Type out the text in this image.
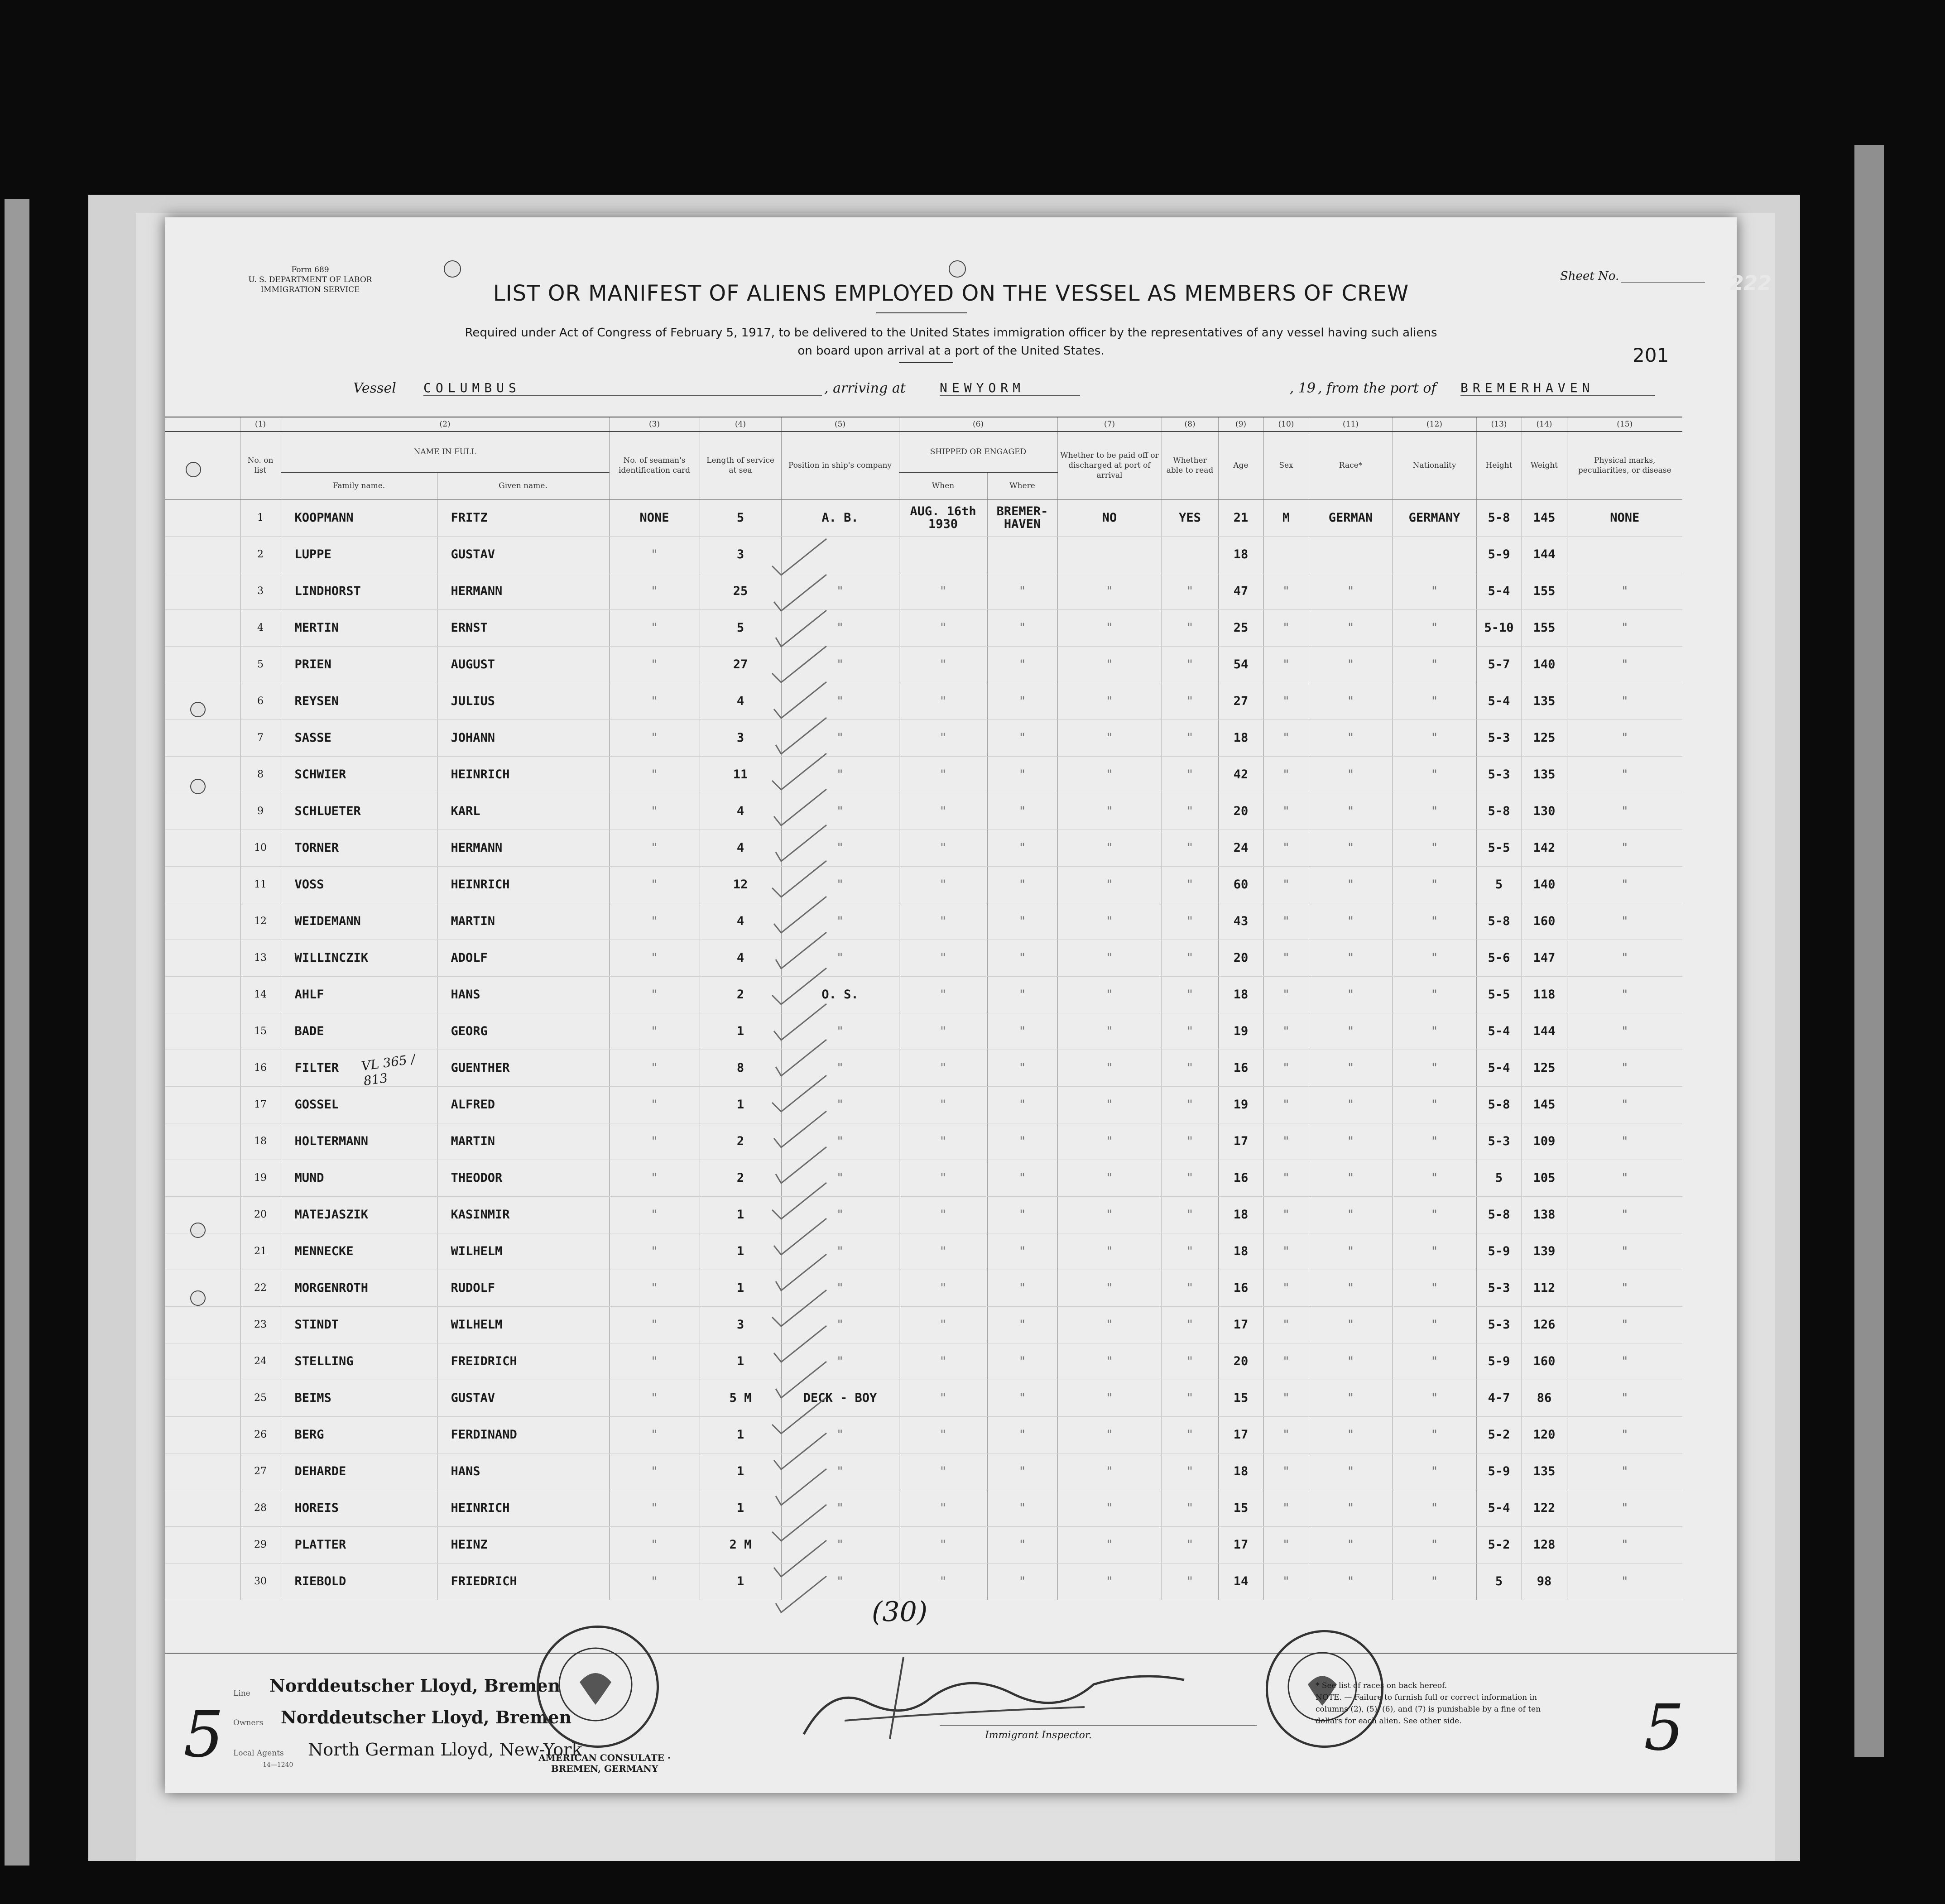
Form 689
U. S. DEPARTMENT OF LABOR
IMMIGRATION SERVICE
Sheet No.
LIST OR MANIFEST OF ALIENS EMPLOYED ON THE VESSEL AS MEMBERS OF CREW
Required under Act of Congress of February 5, 1917, to be delivered to the United States immigration officer by the representatives of any vessel having such aliens
on board upon arrival at a port of the United States.	201
Vessel COLUMBUS	, arriving at	NEWYORM	, 19 , from the port of BREMERHAVEN
	(1)	(2)		(3)	(4)	(5)	(6)		(7)	(8)	(9)	(10)	(11)	(12)	(13)	(14)	(15)
	No. on list	NAME IN FULL		No. of seaman's identification card	Length of service at sea	Position in ship's company	SHIPPED OR ENGAGED		Whether to be paid off or discharged at port of arrival	Whether able to read	Age	Sex	Race*	Nationality	Height	Weight	Physical marks, peculiarities, or disease
		Family name.	Given name.				When	Where									
	1	KOOPMANN	FRITZ	NONE	5	A. B.	AUG. 16th 1930	BREMER- HAVEN	NO	YES	21	M	GERMAN	GERMANY	5-8	145	NONE
	2	LUPPE	GUSTAV	"	3						18				5-9	144	
	3	LINDHORST	HERMANN	"	25	"	"	"	"	"	47	"	"	"	5-4	155	"
	4	MERTIN	ERNST	"	5	"	"	"	"	"	25	"	"	"	5-10	155	"
	5	PRIEN	AUGUST	"	27	"	"	"	"	"	54	"	"	"	5-7	140	"
	6	REYSEN	JULIUS	"	4	"	"	"	"	"	27	"	"	"	5-4	135	"
	7	SASSE	JOHANN	"	3	"	"	"	"	"	18	"	"	"	5-3	125	"
	8	SCHWIER	HEINRICH	"	11	"	"	"	"	"	42	"	"	"	5-3	135	"
	9	SCHLUETER	KARL	"	4	"	"	"	"	"	20	"	"	"	5-8	130	"
	10	TORNER	HERMANN	"	4	"	"	"	"	"	24	"	"	"	5-5	142	"
	11	VOSS	HEINRICH	"	12	"	"	"	"	"	60	"	"	"	5	140	"
	12	WEIDEMANN	MARTIN	"	4	"	"	"	"	"	43	"	"	"	5-8	160	"
	13	WILLINCZIK	ADOLF	"	4	"	"	"	"	"	20	"	"	"	5-6	147	"
	14	AHLF	HANS	"	2	O. S.	"	"	"	"	18	"	"	"	5-5	118	"
	15	BADE	GEORG	"	1	"	"	"	"	"	19	"	"	"	5-4	144	"
	16	FILTER	GUENTHER	"	8	"	"	"	"	"	16	"	"	"	5-4	125	"
	17	GOSSEL	ALFRED	"	1	"	"	"	"	"	19	"	"	"	5-8	145	"
	18	HOLTERMANN	MARTIN	"	2	"	"	"	"	"	17	"	"	"	5-3	109	"
	19	MUND	THEODOR	"	2	"	"	"	"	"	16	"	"	"	5	105	"
	20	MATEJASZIK	KASINMIR	"	1	"	"	"	"	"	18	"	"	"	5-8	138	"
	21	MENNECKE	WILHELM	"	1	"	"	"	"	"	18	"	"	"	5-9	139	"
	22	MORGENROTH	RUDOLF	"	1	"	"	"	"	"	16	"	"	"	5-3	112	"
	23	STINDT	WILHELM	"	3	"	"	"	"	"	17	"	"	"	5-3	126	"
	24	STELLING	FREIDRICH	"	1	"	"	"	"	"	20	"	"	"	5-9	160	"
	25	BEIMS	GUSTAV	"	5 M	DECK - BOY	"	"	"	"	15	"	"	"	4-7	86	"
	26	BERG	FERDINAND	"	1	"	"	"	"	"	17	"	"	"	5-2	120	"
	27	DEHARDE	HANS	"	1	"	"	"	"	"	18	"	"	"	5-9	135	"
	28	HOREIS	HEINRICH	"	1	"	"	"	"	"	15	"	"	"	5-4	122	"
	29	PLATTER	HEINZ	"	2 M	"	"	"	"	"	17	"	"	"	5-2	128	"
	30	RIEBOLD	FRIEDRICH	"	1	"	"	"	"	"	14	"	"	"	5	98	"
VL 365 / 813
5	5
Line Norddeutscher Lloyd, Bremen
Owners Norddeutscher Lloyd, Bremen
Local Agents North German Lloyd, New-York
14—1240
AMERICAN CONSULATE · BREMEN, GERMANY
(30)
Immigrant Inspector.
* See list of races on back hereof.
NOTE. — Failure to furnish full or correct information in columns (2), (5), (6), and (7) is punishable by a fine of ten dollars for each alien. See other side.
222
